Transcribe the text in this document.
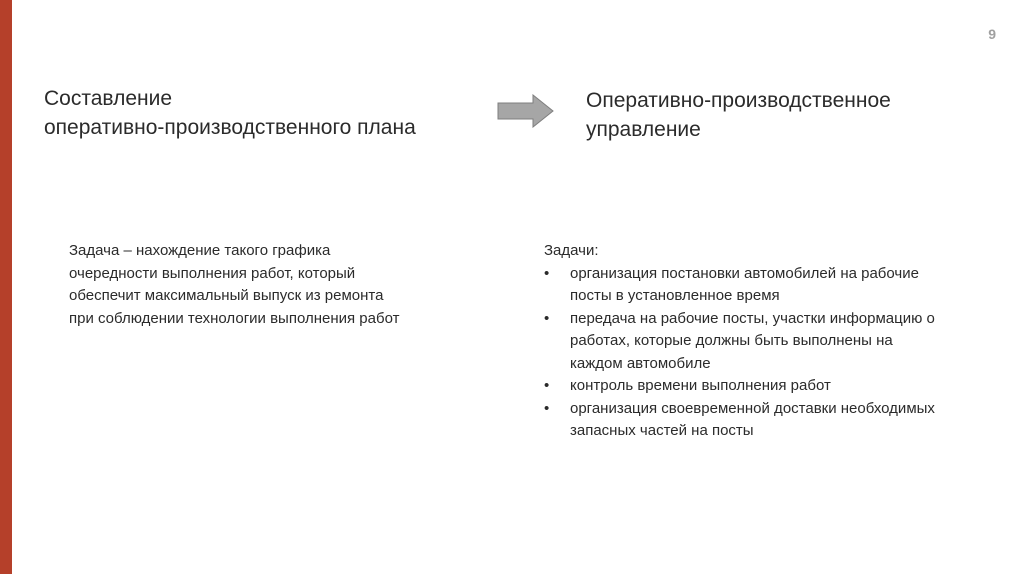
9
Составление
оперативно-производственного плана
Оперативно-производственное
управление
Задача – нахождение такого графика
очередности выполнения работ, который
обеспечит максимальный выпуск из ремонта
при соблюдении технологии выполнения работ
Задачи:
• организация постановки автомобилей на рабочие
посты в установленное время
• передача на рабочие посты, участки информацию о
работах, которые должны быть выполнены на
каждом автомобиле
• контроль времени выполнения работ
• организация своевременной доставки необходимых
запасных частей на посты
